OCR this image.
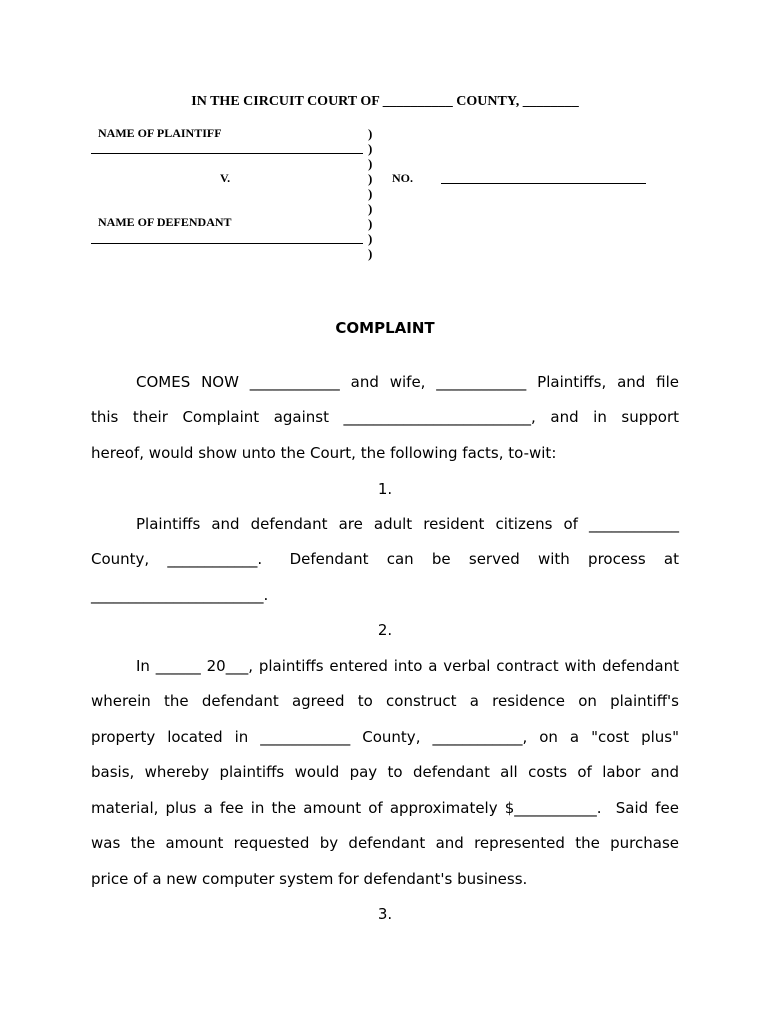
IN THE CIRCUIT COURT OF __________ COUNTY, ________
NAME OF PLAINTIFF
V.
NAME OF DEFENDANT
)
)
)
)
)
)
)
)
)
NO.
COMPLAINT
COMES  NOW  ____________  and  wife,  ____________  Plaintiffs,  and  file
this  their  Complaint  against  _________________________,  and  in  support
hereof, would show unto the Court, the following facts, to-wit:
1.
Plaintiffs  and  defendant  are  adult  resident  citizens  of  ____________
County,  ____________.   Defendant  can  be  served  with  process  at
_______________________.
2.
In ______ 20___, plaintiffs entered into a verbal contract with defendant
wherein  the  defendant  agreed  to  construct  a  residence  on  plaintiff's
property  located  in  ____________  County,  ____________,  on  a  "cost  plus"
basis,  whereby  plaintiffs  would  pay  to  defendant  all  costs  of  labor  and
material, plus a fee in the amount of approximately $___________.  Said fee
was  the  amount  requested  by  defendant  and  represented  the  purchase
price of a new computer system for defendant's business.
3.
